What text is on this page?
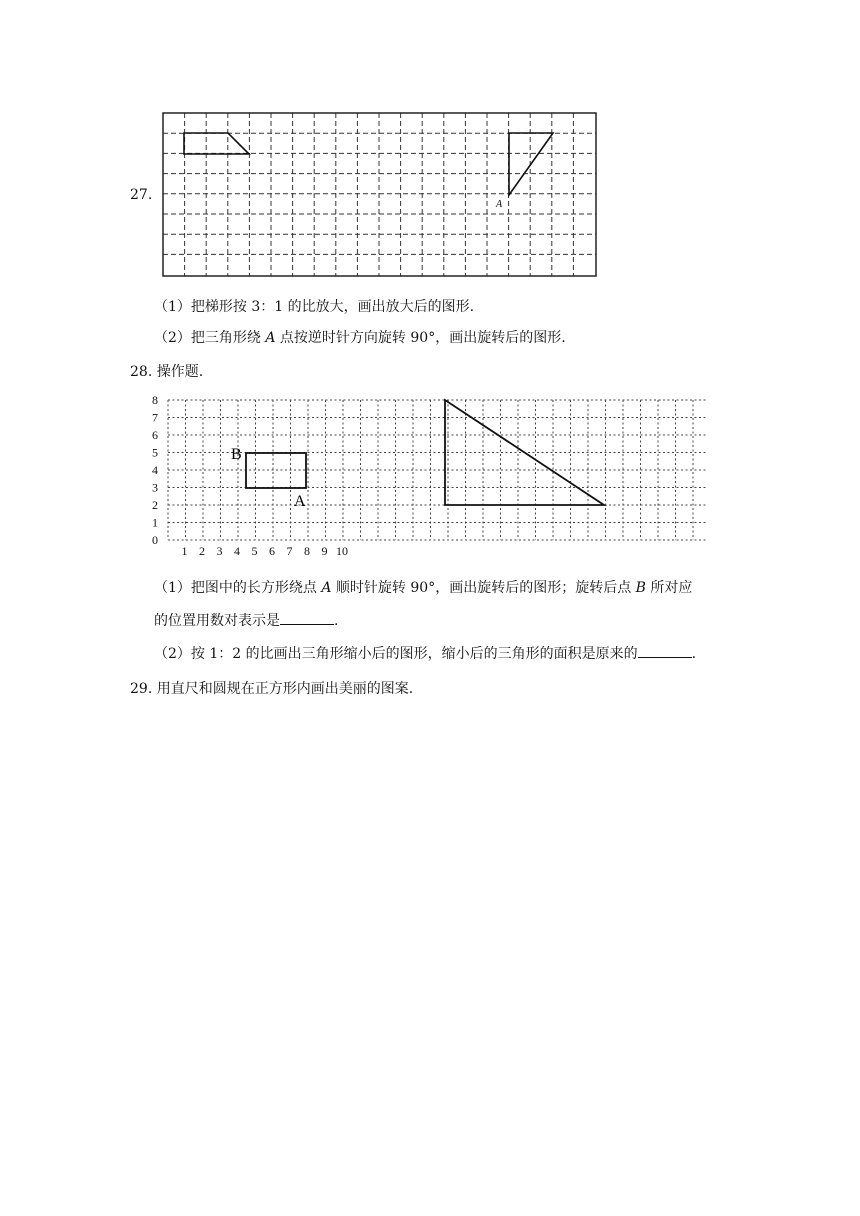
27.
A
（1）把梯形按 3：1 的比放大，画出放大后的图形.
（2）把三角形绕 A 点按逆时针方向旋转 90°，画出旋转后的图形.
28. 操作题.
0
1
2
3
4
5
6
7
8
1 2 3 4 5 6 7 8 9 10
B
A
（1）把图中的长方形绕点 A 顺时针旋转 90°，画出旋转后的图形；旋转后点 B 所对应
的位置用数对表示是	.
（2）按 1：2 的比画出三角形缩小后的图形，缩小后的三角形的面积是原来的	.
29. 用直尺和圆规在正方形内画出美丽的图案.
